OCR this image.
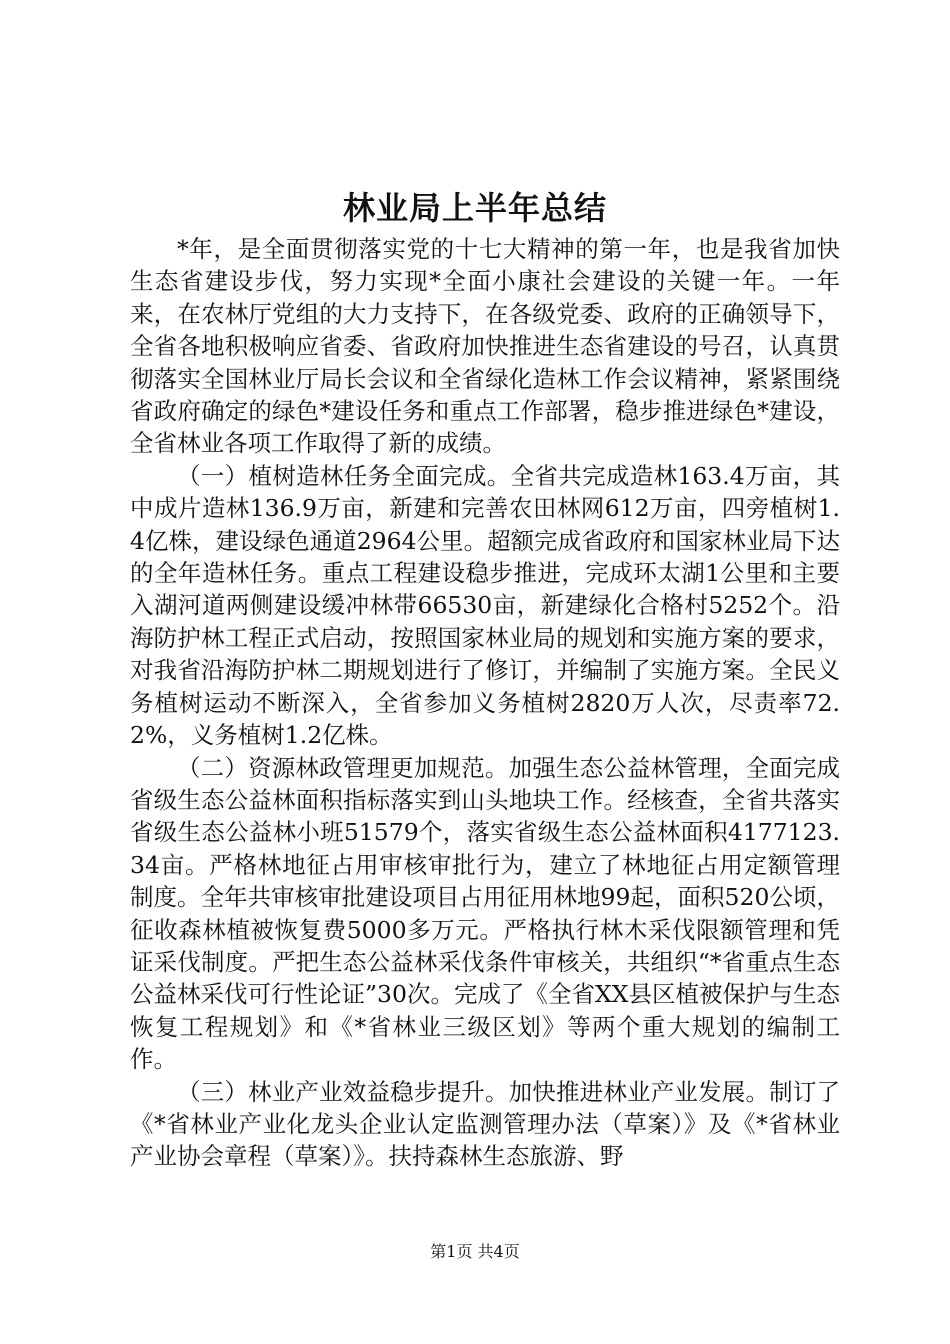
林业局上半年总结

*年，是全面贯彻落实党的十七大精神的第一年，也是我省加快生态省建设步伐，努力实现*全面小康社会建设的关键一年。一年来，在农林厅党组的大力支持下，在各级党委、政府的正确领导下，全省各地积极响应省委、省政府加快推进生态省建设的号召，认真贯彻落实全国林业厅局长会议和全省绿化造林工作会议精神，紧紧围绕省政府确定的绿色*建设任务和重点工作部署，稳步推进绿色*建设，全省林业各项工作取得了新的成绩。

（一）植树造林任务全面完成。全省共完成造林163.4万亩，其中成片造林136.9万亩，新建和完善农田林网612万亩，四旁植树1.4亿株，建设绿色通道2964公里。超额完成省政府和国家林业局下达的全年造林任务。重点工程建设稳步推进，完成环太湖1公里和主要入湖河道两侧建设缓冲林带66530亩，新建绿化合格村5252个。沿海防护林工程正式启动，按照国家林业局的规划和实施方案的要求，对我省沿海防护林二期规划进行了修订，并编制了实施方案。全民义务植树运动不断深入，全省参加义务植树2820万人次，尽责率72.2%，义务植树1.2亿株。

（二）资源林政管理更加规范。加强生态公益林管理，全面完成省级生态公益林面积指标落实到山头地块工作。经核查，全省共落实省级生态公益林小班51579个，落实省级生态公益林面积4177123.34亩。严格林地征占用审核审批行为，建立了林地征占用定额管理制度。全年共审核审批建设项目占用征用林地99起，面积520公顷，征收森林植被恢复费5000多万元。严格执行林木采伐限额管理和凭证采伐制度。严把生态公益林采伐条件审核关，共组织“*省重点生态公益林采伐可行性论证”30次。完成了《全省XX县区植被保护与生态恢复工程规划》和《*省林业三级区划》等两个重大规划的编制工作。

（三）林业产业效益稳步提升。加快推进林业产业发展。制订了《*省林业产业化龙头企业认定监测管理办法（草案）》及《*省林业产业协会章程（草案）》。扶持森林生态旅游、野

第1页 共4页
